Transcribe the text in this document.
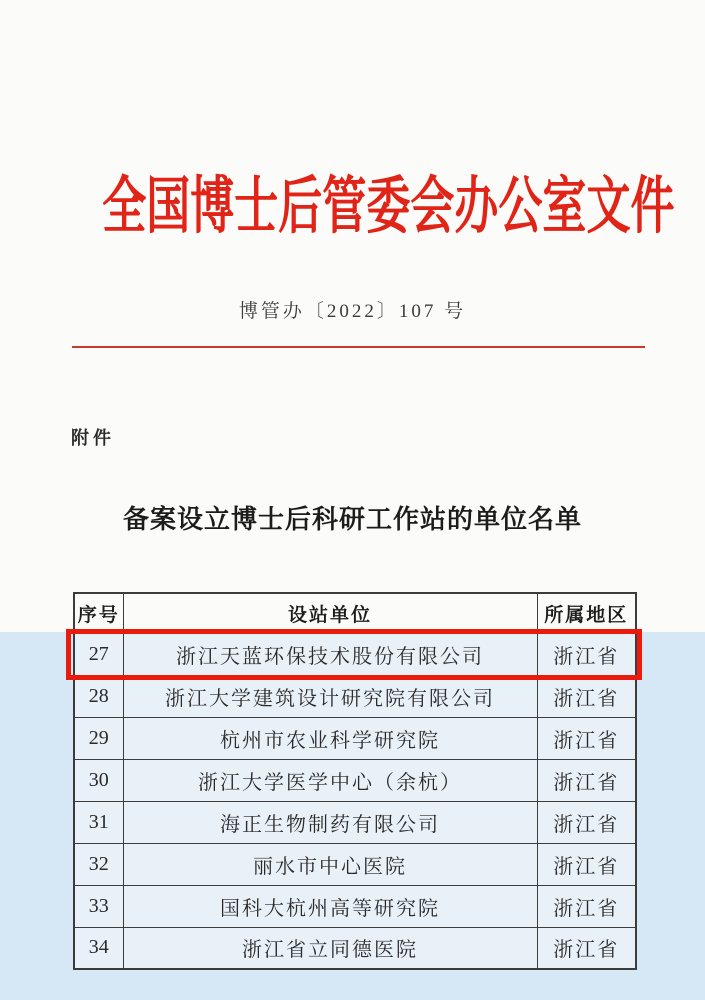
全国博士后管委会办公室文件
博管办〔2022〕107 号
附件
备案设立博士后科研工作站的单位名单
序号	设站单位	所属地区
27	浙江天蓝环保技术股份有限公司	浙江省
28	浙江大学建筑设计研究院有限公司	浙江省
29	杭州市农业科学研究院	浙江省
30	浙江大学医学中心（余杭）	浙江省
31	海正生物制药有限公司	浙江省
32	丽水市中心医院	浙江省
33	国科大杭州高等研究院	浙江省
34	浙江省立同德医院	浙江省
